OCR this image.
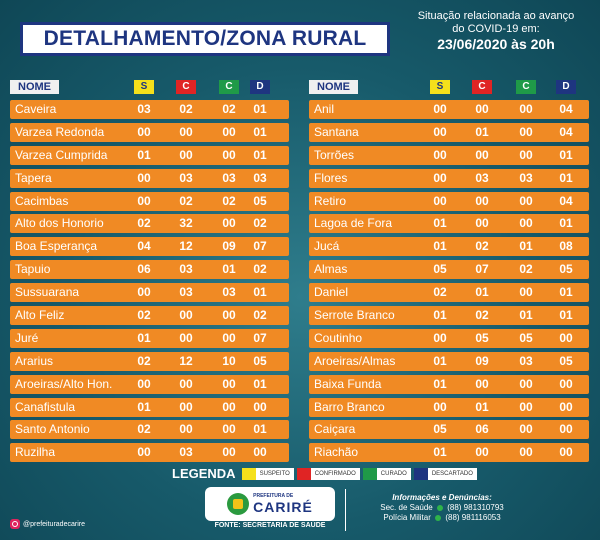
DETALHAMENTO/ZONA RURAL
Situação relacionada ao avanço
do COVID-19 em:
23/06/2020 às 20h
NOME	S	C	C	D
Caveira	03	02	02	01
Varzea Redonda	00	00	00	01
Varzea Cumprida	01	00	00	01
Tapera	00	03	03	03
Cacimbas	00	02	02	05
Alto dos Honorio	02	32	00	02
Boa Esperança	04	12	09	07
Tapuio	06	03	01	02
Sussuarana	00	03	03	01
Alto Feliz	02	00	00	02
Juré	01	00	00	07
Ararius	02	12	10	05
Aroeiras/Alto Hon.	00	00	00	01
Canafistula	01	00	00	00
Santo Antonio	02	00	00	01
Ruzilha	00	03	00	00
NOME	S	C	C	D
Anil	00	00	00	04
Santana	00	01	00	04
Torrões	00	00	00	01
Flores	00	03	03	01
Retiro	00	00	00	04
Lagoa de Fora	01	00	00	01
Jucá	01	02	01	08
Almas	05	07	02	05
Daniel	02	01	00	01
Serrote Branco	01	02	01	01
Coutinho	00	05	05	00
Aroeiras/Almas	01	09	03	05
Baixa Funda	01	00	00	00
Barro Branco	00	01	00	00
Caiçara	05	06	00	00
Riachão	01	00	00	00
LEGENDA	SUSPEITO	CONFIRMADO	CURADO	DESCARTADO
PREFEITURA DE
CARIRÉ
FONTE: SECRETARIA DE SAÚDE
Informações e Denúncias:
Sec. de Saúde (88) 981310793
Polícia Militar (88) 981116053
@prefeituradecarire
